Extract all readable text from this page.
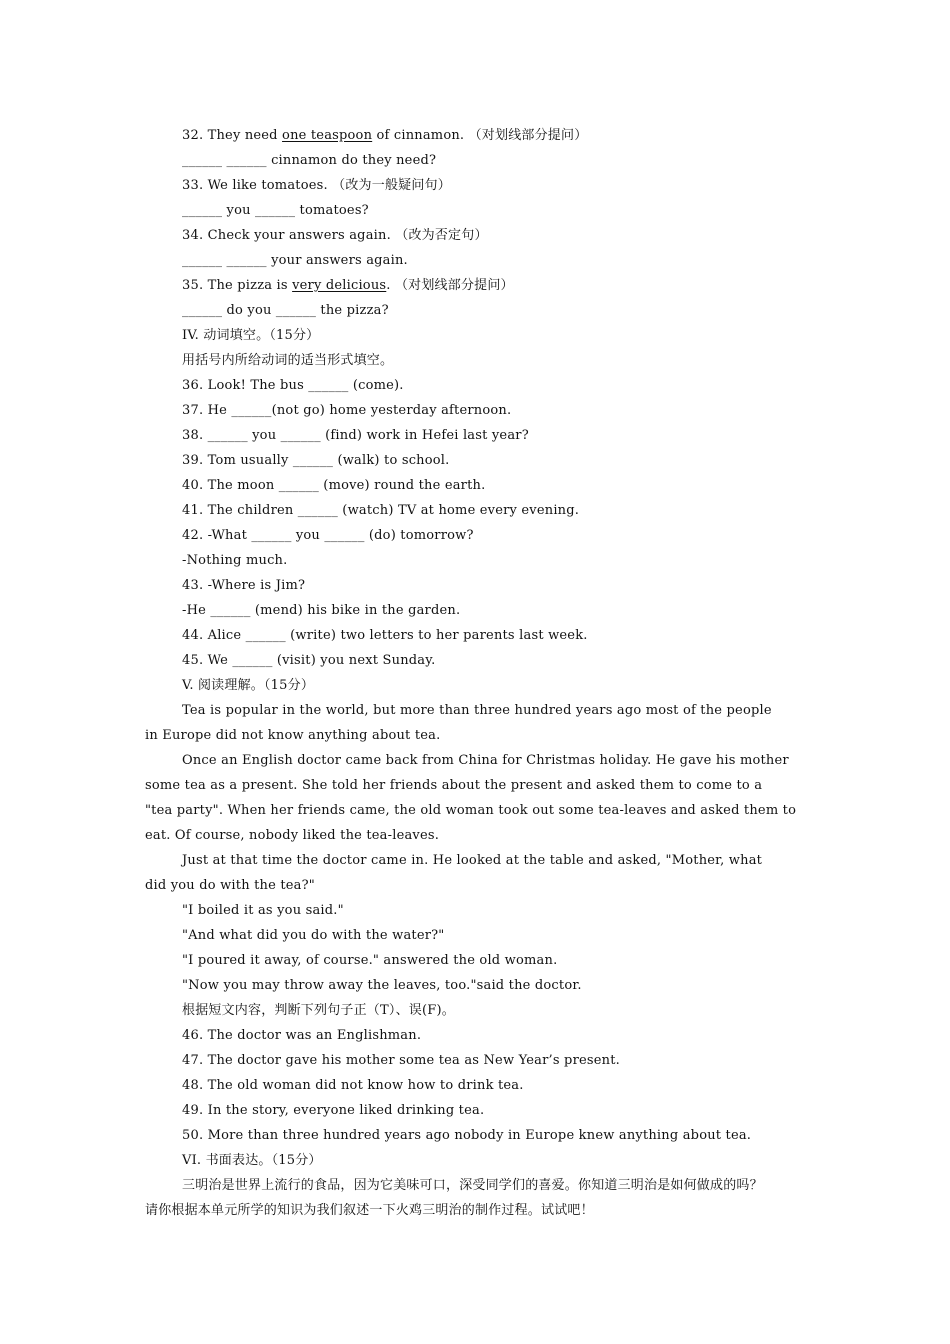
32. They need one teaspoon of cinnamon. （对划线部分提问）
______ ______ cinnamon do they need?
33. We like tomatoes. （改为一般疑问句）
______ you ______ tomatoes?
34. Check your answers again. （改为否定句）
______ ______ your answers again.
35. The pizza is very delicious. （对划线部分提问）
______ do you ______ the pizza?
IV. 动词填空。（15分）
用括号内所给动词的适当形式填空。
36. Look! The bus ______ (come).
37. He ______(not go) home yesterday afternoon.
38. ______ you ______ (find) work in Hefei last year?
39. Tom usually ______ (walk) to school.
40. The moon ______ (move) round the earth.
41. The children ______ (watch) TV at home every evening.
42. -What ______ you ______ (do) tomorrow?
-Nothing much.
43. -Where is Jim?
-He ______ (mend) his bike in the garden.
44. Alice ______ (write) two letters to her parents last week.
45. We ______ (visit) you next Sunday.
V. 阅读理解。（15分）
Tea is popular in the world, but more than three hundred years ago most of the people
in Europe did not know anything about tea.
Once an English doctor came back from China for Christmas holiday. He gave his mother
some tea as a present. She told her friends about the present and asked them to come to a
"tea party". When her friends came, the old woman took out some tea-leaves and asked them to
eat. Of course, nobody liked the tea-leaves.
Just at that time the doctor came in. He looked at the table and asked, "Mother, what
did you do with the tea?"
"I boiled it as you said."
"And what did you do with the water?"
"I poured it away, of course." answered the old woman.
"Now you may throw away the leaves, too."said the doctor.
根据短文内容，判断下列句子正（T）、误(F)。
46. The doctor was an Englishman.
47. The doctor gave his mother some tea as New Year’s present.
48. The old woman did not know how to drink tea.
49. In the story, everyone liked drinking tea.
50. More than three hundred years ago nobody in Europe knew anything about tea.
VI. 书面表达。（15分）
三明治是世界上流行的食品，因为它美味可口，深受同学们的喜爱。你知道三明治是如何做成的吗？
请你根据本单元所学的知识为我们叙述一下火鸡三明治的制作过程。试试吧！
